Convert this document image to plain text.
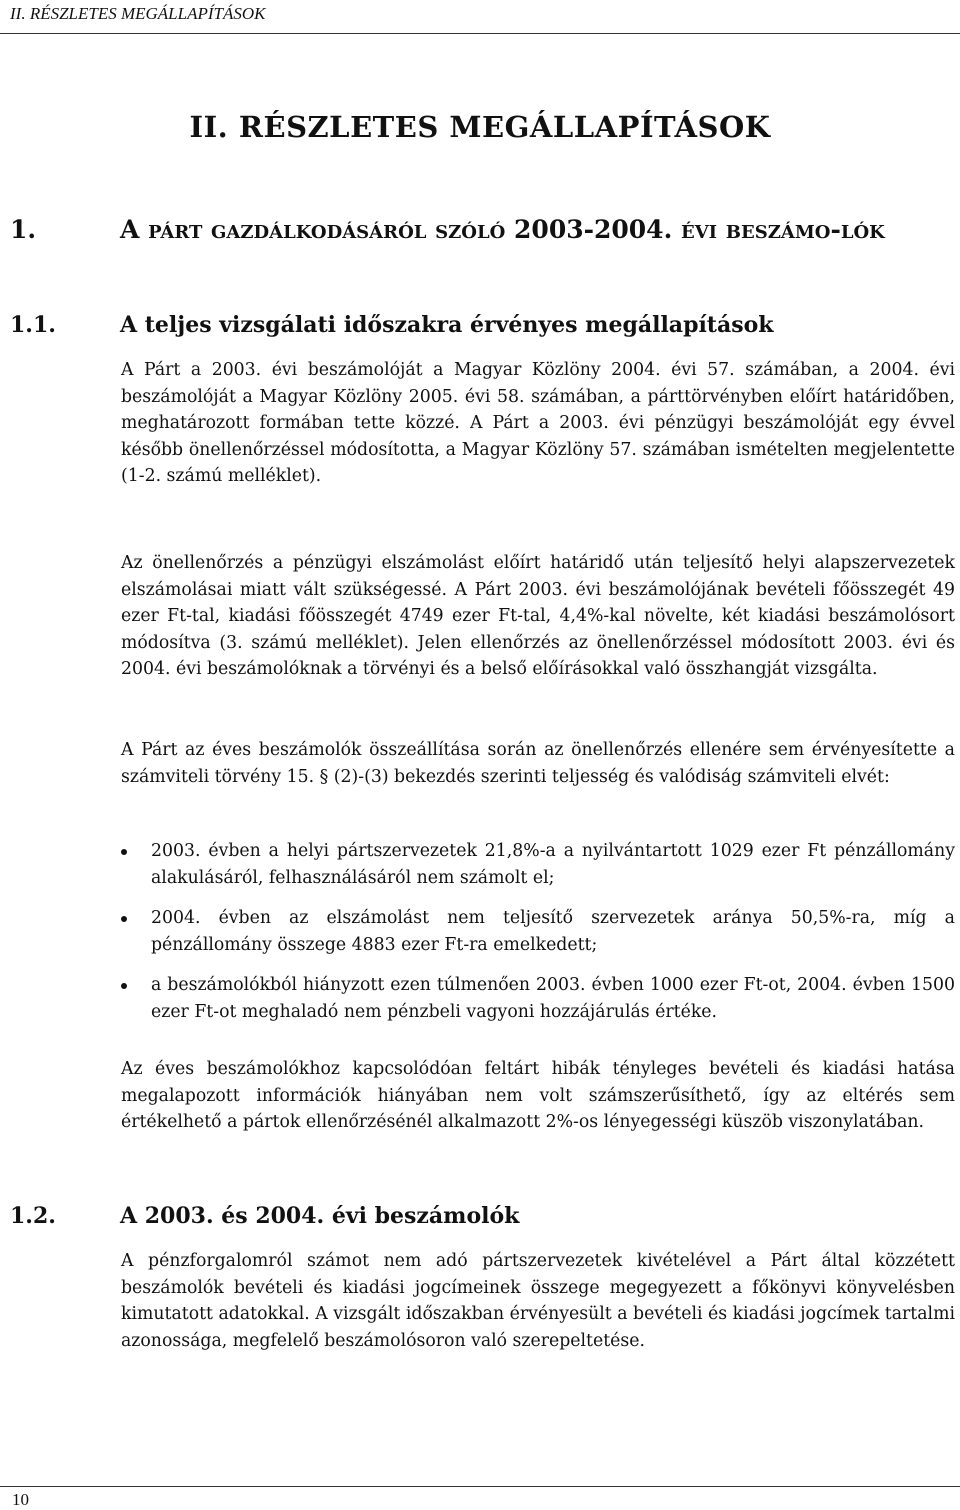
II. RÉSZLETES MEGÁLLAPÍTÁSOK
II. RÉSZLETES MEGÁLLAPÍTÁSOK
1.	A párt gazdálkodásáról szóló 2003-2004. évi beszámo-lók
1.1.	A teljes vizsgálati időszakra érvényes megállapítások

A Párt a 2003. évi beszámolóját a Magyar Közlöny 2004. évi 57. számában, a 2004. évi beszámolóját a Magyar Közlöny 2005. évi 58. számában, a párttörvényben előírt határidőben, meghatározott formában tette közzé. A Párt a 2003. évi pénzügyi beszámolóját egy évvel később önellenőrzéssel módosította, a Magyar Közlöny 57. számában ismételten megjelentette (1-2. számú melléklet).

Az önellenőrzés a pénzügyi elszámolást előírt határidő után teljesítő helyi alapszervezetek elszámolásai miatt vált szükségessé. A Párt 2003. évi beszámolójának bevételi főösszegét 49 ezer Ft-tal, kiadási főösszegét 4749 ezer Ft-tal, 4,4%-kal növelte, két kiadási beszámolósort módosítva (3. számú melléklet). Jelen ellenőrzés az önellenőrzéssel módosított 2003. évi és 2004. évi beszámolóknak a törvényi és a belső előírásokkal való összhangját vizsgálta.

A Párt az éves beszámolók összeállítása során az önellenőrzés ellenére sem érvényesítette a számviteli törvény 15. § (2)-(3) bekezdés szerinti teljesség és valódiság számviteli elvét:

2003. évben a helyi pártszervezetek 21,8%-a a nyilvántartott 1029 ezer Ft pénzállomány alakulásáról, felhasználásáról nem számolt el;
2004. évben az elszámolást nem teljesítő szervezetek aránya 50,5%-ra, míg a pénzállomány összege 4883 ezer Ft-ra emelkedett;
a beszámolókból hiányzott ezen túlmenően 2003. évben 1000 ezer Ft-ot, 2004. évben 1500 ezer Ft-ot meghaladó nem pénzbeli vagyoni hozzájárulás értéke.

Az éves beszámolókhoz kapcsolódóan feltárt hibák tényleges bevételi és kiadási hatása megalapozott információk hiányában nem volt számszerűsíthető, így az eltérés sem értékelhető a pártok ellenőrzésénél alkalmazott 2%-os lényegességi küszöb viszonylatában.

1.2.	A 2003. és 2004. évi beszámolók

A pénzforgalomról számot nem adó pártszervezetek kivételével a Párt által közzétett beszámolók bevételi és kiadási jogcímeinek összege megegyezett a főkönyvi könyvelésben kimutatott adatokkal. A vizsgált időszakban érvényesült a bevételi és kiadási jogcímek tartalmi azonossága, megfelelő beszámolósoron való szerepeltetése.

10
